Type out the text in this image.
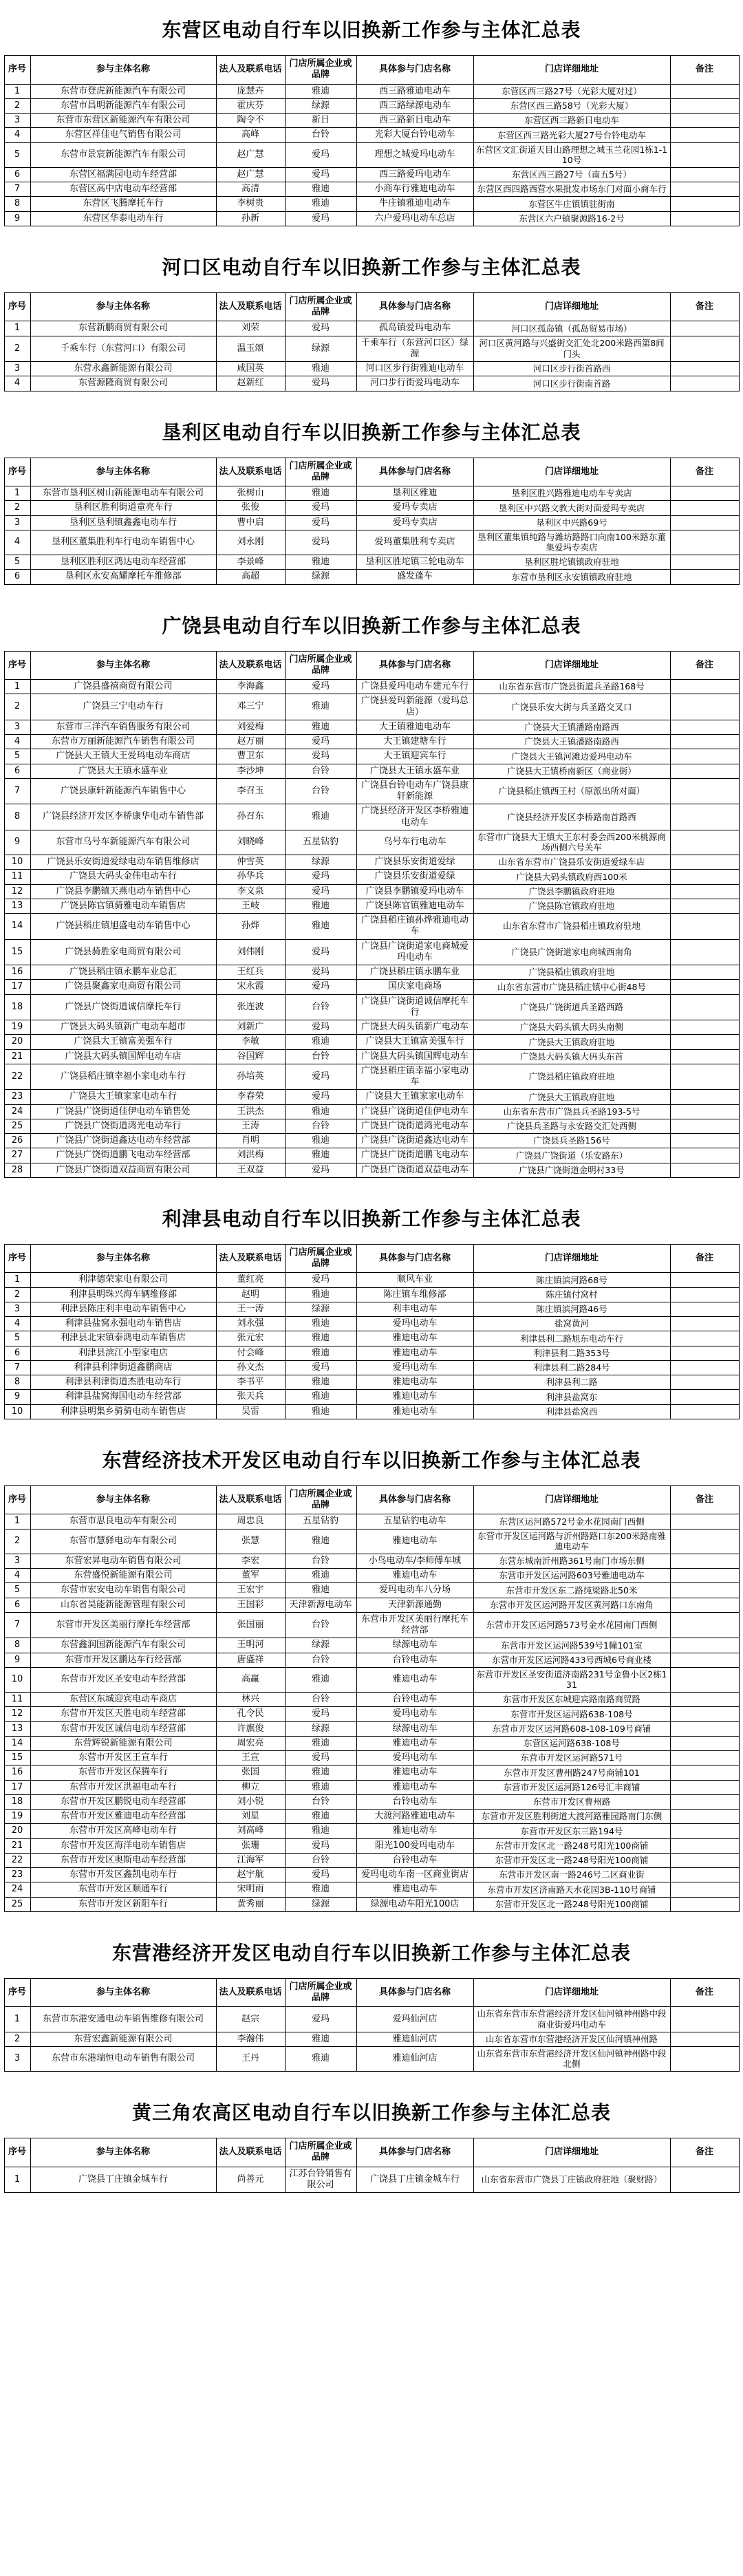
东营区电动自行车以旧换新工作参与主体汇总表
序号	参与主体名称	法人及联系电话	门店所属企业或品牌	具体参与门店名称	门店详细地址	备注
1	东营市登虎新能源汽车有限公司	庞慧卉	雅迪	西三路雅迪电动车	东营区西三路27号（光彩大厦对过）	
2	东营市昌明新能源汽车有限公司	霍庆芬	绿源	西三路绿源电动车	东营区西三路58号（光彩大厦）	
3	东营市东营区新能源汽车有限公司	陶令不	新日	西三路新日电动车	东营区西三路新日电动车	
4	东营区祥佳电气销售有限公司	高峰	台铃	光彩大厦台铃电动车	东营区西三路光彩大厦27号台铃电动车	
5	东营市景宸新能源汽车有限公司	赵广慧	爱玛	理想之城爱玛电动车	东营区文汇街道天目山路理想之城玉兰花园1栋1-110号	
6	东营区福满园电动车经营部	赵广慧	爱玛	西三路爱玛电动车	东营区西三路27号（南五5号）	
7	东营区高中店电动车经营部	高清	雅迪	小商车行雅迪电动车	东营区西四路西营水果批发市场东门对面小商车行	
8	东营区飞腾摩托车行	李树贵	雅迪	牛庄镇雅迪电动车	东营区牛庄镇镇驻街南	
9	东营区华泰电动车行	孙新	爱玛	六户爱玛电动车总店	东营区六户镇聚源路16-2号	
河口区电动自行车以旧换新工作参与主体汇总表
序号	参与主体名称	法人及联系电话	门店所属企业或品牌	具体参与门店名称	门店详细地址	备注
1	东营新鹏商贸有限公司	刘荣	爱玛	孤岛镇爱玛电动车	河口区孤岛镇（孤岛贸易市场）	
2	千乘车行（东营河口）有限公司	温玉颂	绿源	千乘车行（东营河口区）绿源	河口区黄河路与兴盛街交汇处北200米路西第8间门头	
3	东营永鑫新能源有限公司	咸国英	雅迪	河口区步行街雅迪电动车	河口区步行街首路西	
4	东营源隆商贸有限公司	赵新红	爱玛	河口步行街爱玛电动车	河口区步行街南首路	
垦利区电动自行车以旧换新工作参与主体汇总表
序号	参与主体名称	法人及联系电话	门店所属企业或品牌	具体参与门店名称	门店详细地址	备注
1	东营市垦利区树山新能源电动车有限公司	张树山	雅迪	垦利区雅迪	垦利区胜兴路雅迪电动车专卖店	
2	垦利区胜利街道童亮车行	张俊	爱玛	爱玛专卖店	垦利区中兴路文教大街对面爱玛专卖店	
3	垦利区垦利镇鑫鑫电动车行	曹中启	爱玛	爱玛专卖店	垦利区中兴路69号	
4	垦利区董集胜利车行电动车销售中心	刘永刚	爱玛	爱玛董集胜利专卖店	垦利区董集镇纯路与潍坊路路口向南100米路东董集爱玛专卖店	
5	垦利区胜利区鸿达电动车经营部	李景峰	雅迪	垦利区胜坨镇三轮电动车	垦利区胜坨镇镇政府驻地	
6	垦利区永安高耀摩托车维修部	高超	绿源	盛发蓬车	东营市垦利区永安镇镇政府驻地	
广饶县电动自行车以旧换新工作参与主体汇总表
序号	参与主体名称	法人及联系电话	门店所属企业或品牌	具体参与门店名称	门店详细地址	备注
1	广饶县盛禧商贸有限公司	李海鑫	爱玛	广饶县爱玛电动车建元车行	山东省东营市广饶县街道兵圣路168号	
2	广饶县三宁电动车行	邓三宁	雅迪	广饶县爱玛新能源（爱玛总店）	广饶县乐安大街与兵圣路交叉口	
3	东营市三洋汽车销售服务有限公司	刘爱梅	雅迪	大王镇雅迪电动车	广饶县大王镇潘路南路西	
4	东营市万丽新能源汽车销售有限公司	赵万丽	爱玛	大王镇建塘车行	广饶县大王镇潘路南路西	
5	广饶县大王镇大王爱玛电动车商店	曹卫东	爱玛	大王镇迎宾车行	广饶县大王镇河滩边爱玛电动车	
6	广饶县大王镇永盛车业	李沙坤	台铃	广饶县大王镇永盛车业	广饶县大王镇桥南新区（商业街）	
7	广饶县康轩新能源汽车销售中心	李召玉	台铃	广饶县台铃电动车广饶县康轩新能源	广饶县稻庄镇西王村（原派出所对面）	
8	广饶县经济开发区李桥康华电动车销售部	孙召东	雅迪	广饶县经济开发区李桥雅迪电动车	广饶县经济开发区李桥路南首路西	
9	东营市乌号车新能源汽车有限公司	刘晓峰	五星钻豹	乌号车行电动车	东营市广饶县大王镇大王东村委会西200米桃源商场西侧六号关车	
10	广饶县乐安街道爱绿电动车销售维修店	仲雪英	绿源	广饶县乐安街道爱绿	山东省东营市广饶县乐安街道爱绿车店	
11	广饶县大码头金伟电动车行	孙华兵	爱玛	广饶县乐安街道爱绿	广饶县大码头镇政府西100米	
12	广饶县李鹏镇天燕电动车销售中心	李文泉	爱玛	广饶县李鹏镇爱玛电动车	广饶县李鹏镇政府驻地	
13	广饶县陈官镇骑雅电动车销售店	王岐	雅迪	广饶县陈官镇雅迪电动车	广饶县陈官镇政府驻地	
14	广饶县稻庄镇旭盛电动车销售中心	孙烨	雅迪	广饶县稻庄镇孙烨雅迪电动车	山东省东营市广饶县稻庄镇政府驻地	
15	广饶县骑胜家电商贸有限公司	刘伟刚	爱玛	广饶县广饶街道家电商城爱玛电动车	广饶县广饶街道家电商城西南角	
16	广饶县稻庄镇永鹏车业总汇	王红兵	爱玛	广饶县稻庄镇永鹏车业	广饶县稻庄镇政府驻地	
17	广饶县聚鑫家电商贸有限公司	宋永霞	爱玛	国庆家电商场	山东省东营市广饶县稻庄镇中心街48号	
18	广饶县广饶街道诚信摩托车行	张连波	台铃	广饶县广饶街道诚信摩托车行	广饶县广饶街道兵圣路西路	
19	广饶县大码头镇新广电动车超市	刘新广	爱玛	广饶县大码头镇新广电动车	广饶县大码头镇大码头南侧	
20	广饶县大王镇富美强车行	李敏	雅迪	广饶县大王镇富美强车行	广饶县大王镇政府驻地	
21	广饶县大码头镇国辉电动车店	谷国辉	台铃	广饶县大码头镇国辉电动车	广饶县大码头镇大码头东首	
22	广饶县稻庄镇幸福小家电动车行	孙培英	爱玛	广饶县稻庄镇幸福小家电动车	广饶县稻庄镇政府驻地	
23	广饶县大王镇家家电动车行	李春荣	爱玛	广饶县大王镇家家电动车	广饶县大王镇政府驻地	
24	广饶县广饶街道佳伊电动车销售处	王洪杰	雅迪	广饶县广饶街道佳伊电动车	山东省东营市广饶县兵圣路193-5号	
25	广饶县广饶街道鸿光电动车行	王涛	台铃	广饶县广饶街道鸿光电动车	广饶县兵圣路与永安路交汇处西侧	
26	广饶县广饶街道鑫达电动车经营部	肖明	雅迪	广饶县广饶街道鑫达电动车	广饶县兵圣路156号	
27	广饶县广饶街道鹏飞电动车经营部	刘洪梅	雅迪	广饶县广饶街道鹏飞电动车	广饶县广饶街道（乐安路东）	
28	广饶县广饶街道双益商贸有限公司	王双益	爱玛	广饶县广饶街道双益电动车	广饶县广饶街道金明村33号	
利津县电动自行车以旧换新工作参与主体汇总表
序号	参与主体名称	法人及联系电话	门店所属企业或品牌	具体参与门店名称	门店详细地址	备注
1	利津德荣家电有限公司	董红亮	爱玛	顺风车业	陈庄镇滨河路68号	
2	利津县明珠兴海车辆维修部	赵明	雅迪	陈庄镇车维修部	陈庄镇付窝村	
3	利津县陈庄利丰电动车销售中心	王一涛	绿源	利丰电动车	陈庄镇滨河路46号	
4	利津县盐窝永强电动车销售店	刘永强	雅迪	爱玛电动车	盐窝黄河	
5	利津县北宋镇泰鸿电动车销售店	张元宏	雅迪	雅迪电动车	利津县利二路旭东电动车行	
6	利津县滨江小型家电店	付会峰	雅迪	雅迪电动车	利津县利二路353号	
7	利津县利津街道鑫鹏商店	孙文杰	爱玛	爱玛电动车	利津县利二路284号	
8	利津县利津街道杰胜电动车行	李书平	雅迪	雅迪电动车	利津县利二路	
9	利津县盐窝海国电动车经营部	张天兵	雅迪	雅迪电动车	利津县盐窝东	
10	利津县明集乡骑骑电动车销售店	吴雷	雅迪	雅迪电动车	利津县盐窝西	
东营经济技术开发区电动自行车以旧换新工作参与主体汇总表
序号	参与主体名称	法人及联系电话	门店所属企业或品牌	具体参与门店名称	门店详细地址	备注
1	东营市思良电动车有限公司	周忠良	五星钻豹	五星钻豹电动车	东营区运河路572号金水花园南门西侧	
2	东营市慧驿电动车有限公司	张慧	雅迪	雅迪电动车	东营市开发区运河路与沂州路路口东200米路南雅迪电动车	
3	东营宏昇电动车销售有限公司	李宏	台铃	小鸟电动车/李师傅车城	东营东城南沂州路361号南门市场东侧	
4	东营盛悦新能源有限公司	董军	雅迪	雅迪电动车	东营市开发区运河路603号雅迪电动车	
5	东营市宏安电动车销售有限公司	王宏宇	雅迪	爱玛电动车八分场	东营市开发区东二路纯梁路北50米	
6	山东省昊能新能源管理有限公司	王国彩	天津新源电动车	天津新源通勤	东营市开发区运河路开发区黄河路口东南角	
7	东营市开发区美丽行摩托车经营部	张国丽	台铃	东营市开发区美丽行摩托车经营部	东营市开发区运河路573号金水花园南门西侧	
8	东营鑫润国新能源汽车有限公司	王明河	绿源	绿源电动车	东营市开发区运河路539号1幢101室	
9	东营市开发区鹏达车行经营部	唐盛祥	台铃	台铃电动车	东营市开发区运河路433号西城6号商业楼	
10	东营市开发区圣安电动车经营部	高赢	雅迪	雅迪电动车	东营市开发区圣安街道济南路231号金鲁小区2栋131	
11	东营区东城迎宾电动车商店	林兴	台铃	台铃电动车	东营市开发区东城迎宾路南路商贸路	
12	东营市开发区天胜电动车经营部	孔令民	爱玛	爱玛电动车	东营市开发区运河路638-108号	
13	东营市开发区诚信电动车经营部	许旗俊	绿源	绿源电动车	东营市开发区运河路608-108-109号商铺	
14	东营辉锐新能源有限公司	周宏亮	雅迪	雅迪电动车	东营区运河路638-108号	
15	东营市开发区王宣车行	王宣	爱玛	爱玛电动车	东营市开发区运河路571号	
16	东营市开发区保腾车行	张国	雅迪	雅迪电动车	东营市开发区曹州路247号商铺101	
17	东营市开发区洪福电动车行	柳立	雅迪	雅迪电动车	东营市开发区运河路126号汇丰商铺	
18	东营市开发区鹏锐电动车经营部	刘小锐	台铃	台铃电动车	东营市开发区曹州路	
19	东营市开发区雅迪电动车经营部	刘星	雅迪	大渡河路雅迪电动车	东营市开发区胜利街道大渡河路雅园路南门东侧	
20	东营市开发区高峰电动车行	刘高峰	雅迪	雅迪电动车	东营市开发区东三路194号	
21	东营市开发区海洋电动车销售店	张珊	爱玛	阳光100爱玛电动车	东营市开发区北一路248号阳光100商铺	
22	东营市开发区奥斯电动车经营部	江海军	台铃	台铃电动车	东营市开发区北一路248号阳光100商铺	
23	东营市开发区鑫凯电动车行	赵宇航	爱玛	爱玛电动车南一区商业街店	东营市开发区南一路246号二区商业街	
24	东营市开发区顺通车行	宋明雨	雅迪	雅迪电动车	东营市开发区济南路天水花园3B-110号商铺	
25	东营市开发区新阳车行	黄秀丽	绿源	绿源电动车阳光100店	东营市开发区北一路248号阳光100商铺	
东营港经济开发区电动自行车以旧换新工作参与主体汇总表
序号	参与主体名称	法人及联系电话	门店所属企业或品牌	具体参与门店名称	门店详细地址	备注
1	东营市东港安通电动车销售维修有限公司	赵宗	爱玛	爱玛仙河店	山东省东营市东营港经济开发区仙河镇神州路中段商业街爱玛电动车	
2	东营宏鑫新能源有限公司	李瀚伟	雅迪	雅迪仙河店	山东省东营市东营港经济开发区仙河镇神州路	
3	东营市东港瑞恒电动车销售有限公司	王丹	雅迪	雅迪仙河店	山东省东营市东营港经济开发区仙河镇神州路中段北侧	
黄三角农高区电动自行车以旧换新工作参与主体汇总表
序号	参与主体名称	法人及联系电话	门店所属企业或品牌	具体参与门店名称	门店详细地址	备注
1	广饶县丁庄镇金城车行	尚善元	江苏台铃销售有限公司	广饶县丁庄镇金城车行	山东省东营市广饶县丁庄镇政府驻地（聚财路）	
